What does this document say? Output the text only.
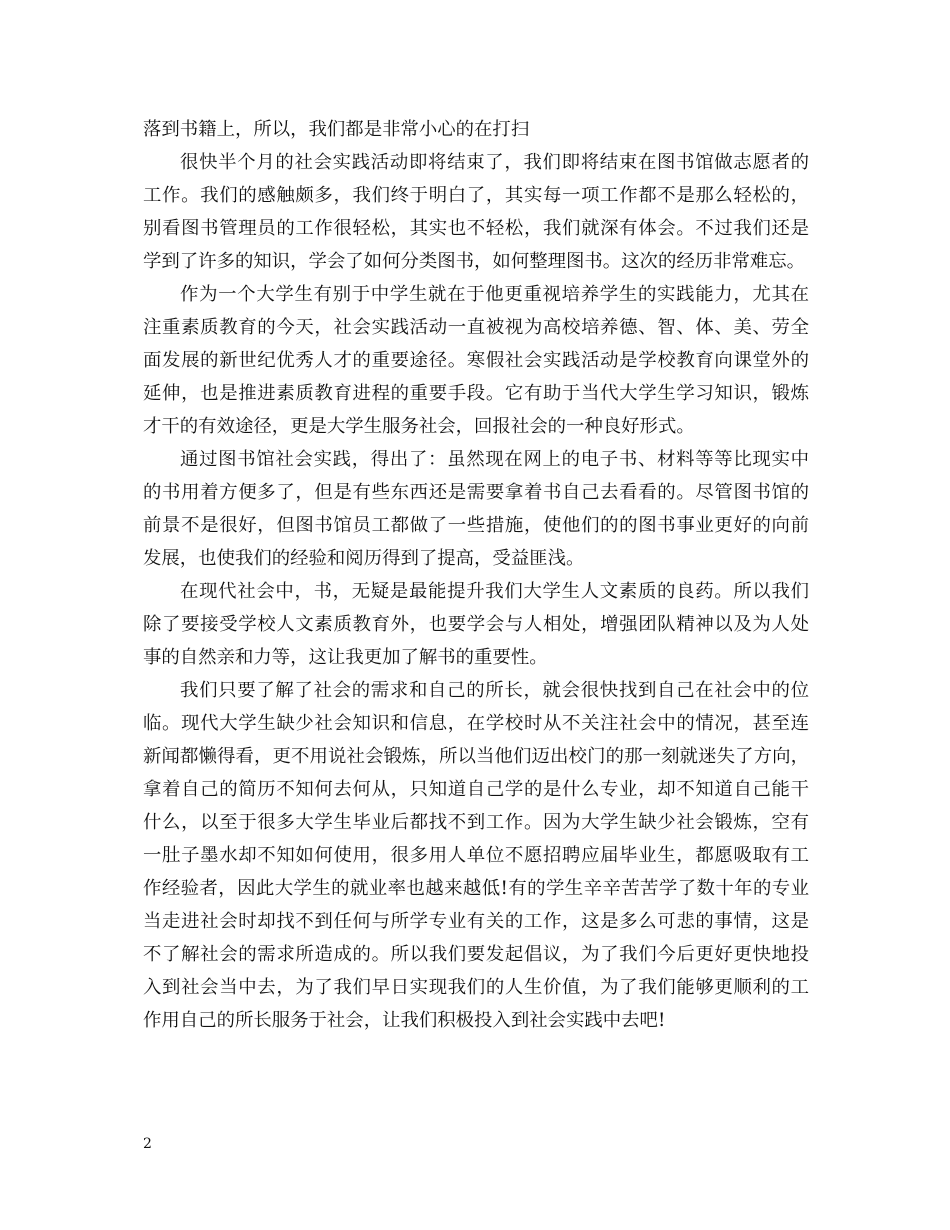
落到书籍上，所以，我们都是非常小心的在打扫
很快半个月的社会实践活动即将结束了，我们即将结束在图书馆做志愿者的
工作。我们的感触颇多，我们终于明白了，其实每一项工作都不是那么轻松的，
别看图书管理员的工作很轻松，其实也不轻松，我们就深有体会。不过我们还是
学到了许多的知识，学会了如何分类图书，如何整理图书。这次的经历非常难忘。
作为一个大学生有别于中学生就在于他更重视培养学生的实践能力，尤其在
注重素质教育的今天，社会实践活动一直被视为高校培养德、智、体、美、劳全
面发展的新世纪优秀人才的重要途径。寒假社会实践活动是学校教育向课堂外的
延伸，也是推进素质教育进程的重要手段。它有助于当代大学生学习知识，锻炼
才干的有效途径，更是大学生服务社会，回报社会的一种良好形式。
通过图书馆社会实践，得出了：虽然现在网上的电子书、材料等等比现实中
的书用着方便多了，但是有些东西还是需要拿着书自己去看看的。尽管图书馆的
前景不是很好，但图书馆员工都做了一些措施，使他们的的图书事业更好的向前
发展，也使我们的经验和阅历得到了提高，受益匪浅。
在现代社会中，书，无疑是最能提升我们大学生人文素质的良药。所以我们
除了要接受学校人文素质教育外，也要学会与人相处，增强团队精神以及为人处
事的自然亲和力等，这让我更加了解书的重要性。
我们只要了解了社会的需求和自己的所长，就会很快找到自己在社会中的位
临。现代大学生缺少社会知识和信息，在学校时从不关注社会中的情况，甚至连
新闻都懒得看，更不用说社会锻炼，所以当他们迈出校门的那一刻就迷失了方向，
拿着自己的简历不知何去何从，只知道自己学的是什么专业，却不知道自己能干
什么，以至于很多大学生毕业后都找不到工作。因为大学生缺少社会锻炼，空有
一肚子墨水却不知如何使用，很多用人单位不愿招聘应届毕业生，都愿吸取有工
作经验者，因此大学生的就业率也越来越低!有的学生辛辛苦苦学了数十年的专业
当走进社会时却找不到任何与所学专业有关的工作，这是多么可悲的事情，这是
不了解社会的需求所造成的。所以我们要发起倡议，为了我们今后更好更快地投
入到社会当中去，为了我们早日实现我们的人生价值，为了我们能够更顺利的工
作用自己的所长服务于社会，让我们积极投入到社会实践中去吧!
2
